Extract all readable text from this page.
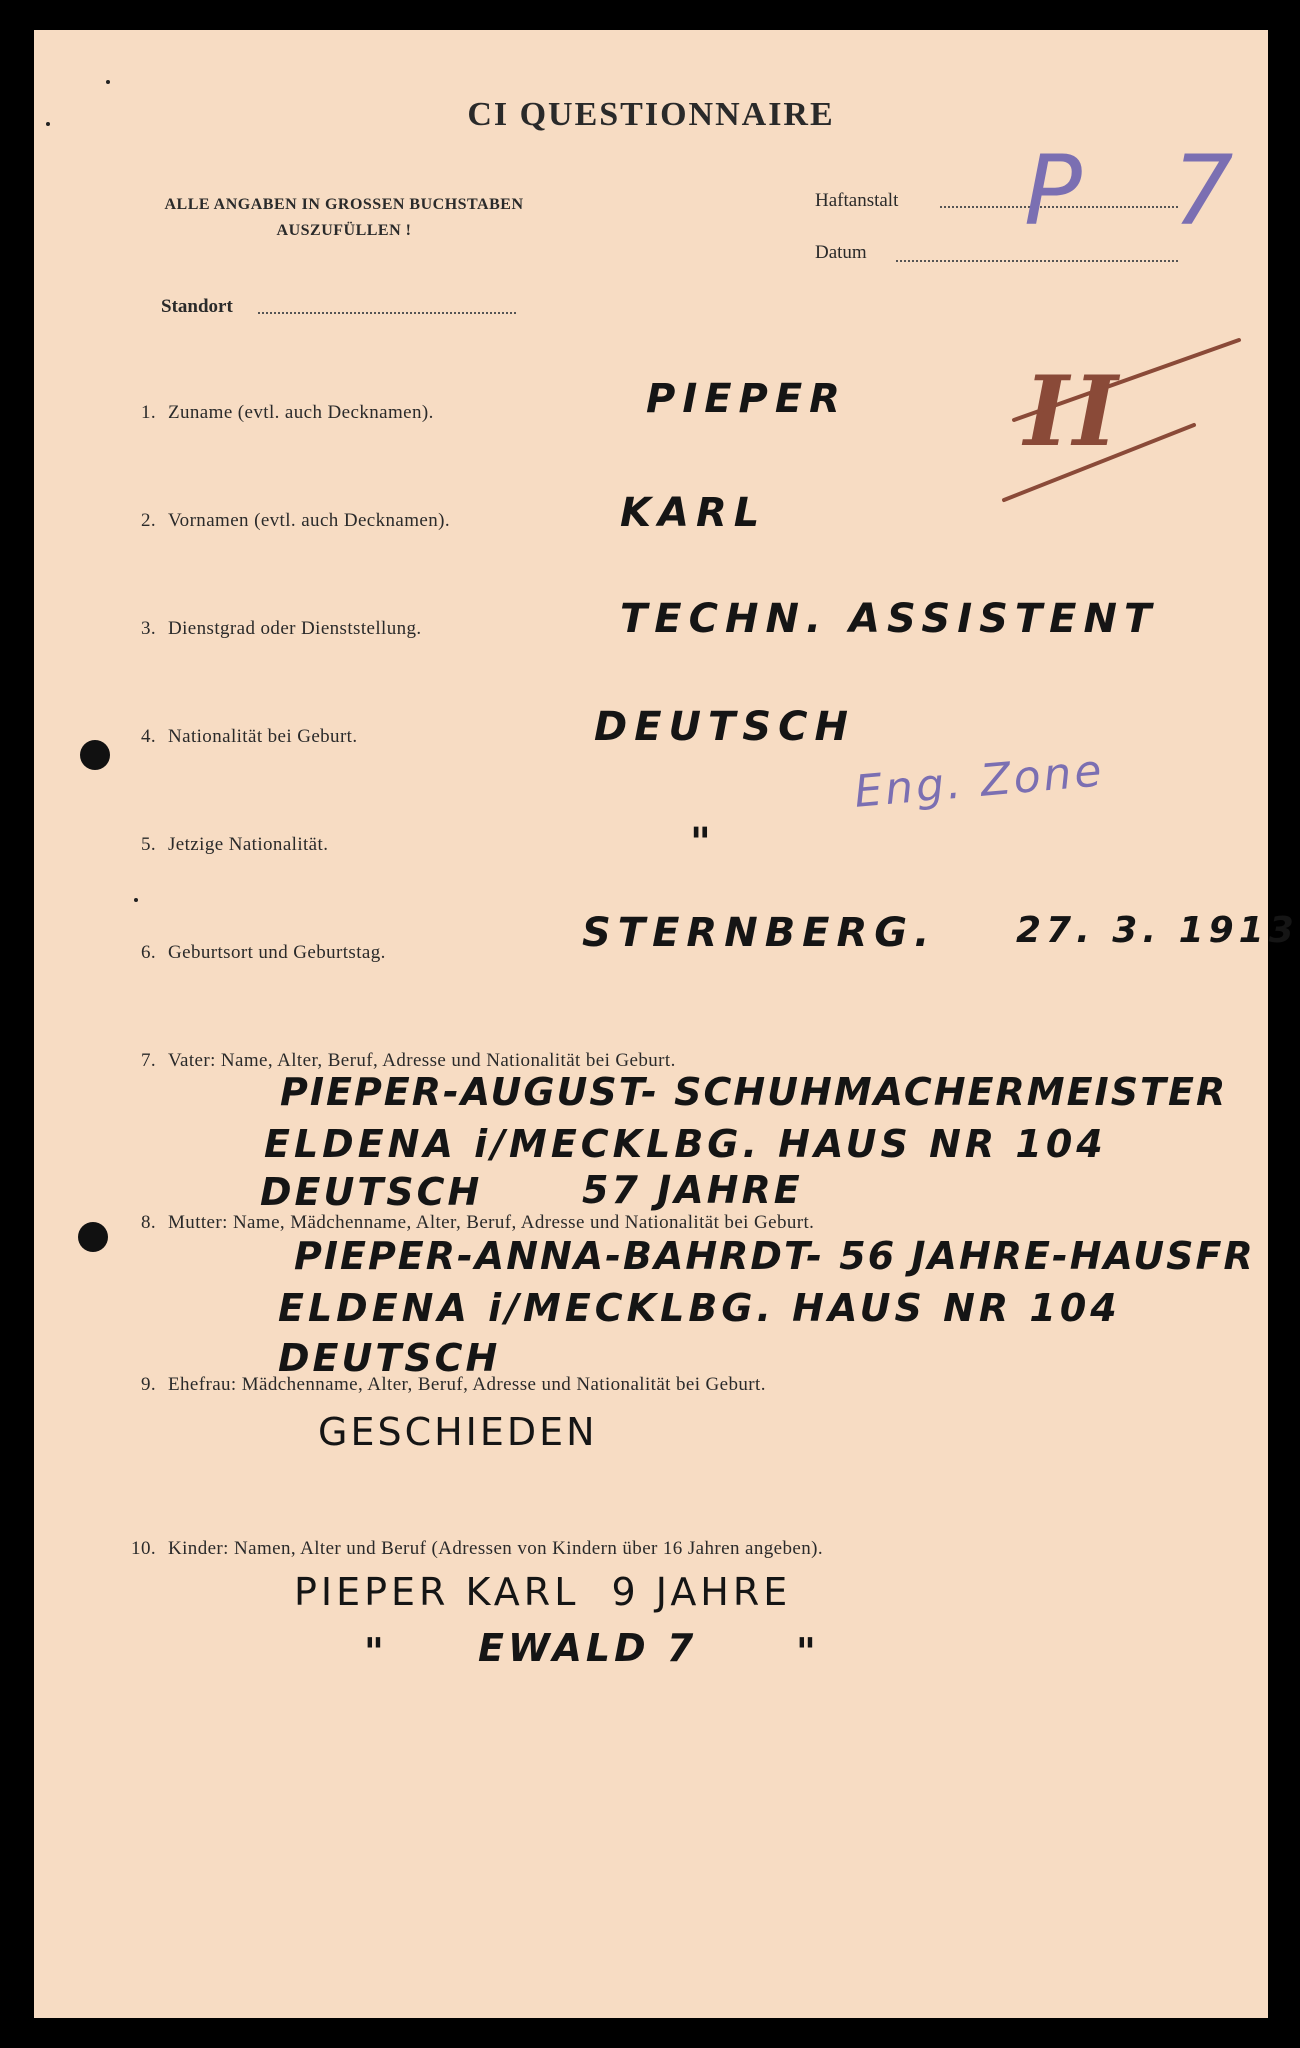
CI QUESTIONNAIRE
ALLE ANGABEN IN GROSSEN BUCHSTABEN
AUSZUFÜLLEN !
Haftanstalt
Datum
Standort
P 7
II
Eng. Zone
1. Zuname (evtl. auch Decknamen).	PIEPER
2. Vornamen (evtl. auch Decknamen).	KARL
3. Dienstgrad oder Dienststellung.	TECHN. ASSISTENT
4. Nationalität bei Geburt.	DEUTSCH
5. Jetzige Nationalität.	"
6. Geburtsort und Geburtstag.	STERNBERG. 27. 3. 1913
7. Vater: Name, Alter, Beruf, Adresse und Nationalität bei Geburt.
PIEPER-AUGUST- SCHUHMACHERMEISTER
ELDENA i/MECKLBG. HAUS NR 104
DEUTSCH	57 JAHRE
8. Mutter: Name, Mädchenname, Alter, Beruf, Adresse und Nationalität bei Geburt.
PIEPER-ANNA-BAHRDT- 56 JAHRE-HAUSFR
ELDENA i/MECKLBG. HAUS NR 104
DEUTSCH
9. Ehefrau: Mädchenname, Alter, Beruf, Adresse und Nationalität bei Geburt.
GESCHIEDEN
10. Kinder: Namen, Alter und Beruf (Adressen von Kindern über 16 Jahren angeben).
PIEPER KARL  9 JAHRE
" EWALD 7	"
